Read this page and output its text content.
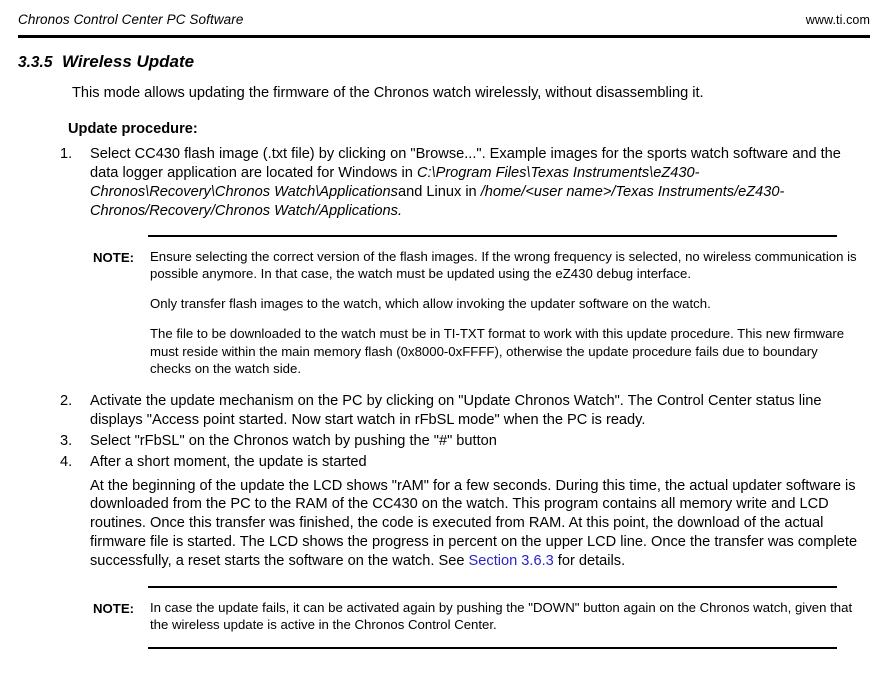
Chronos Control Center PC Software	www.ti.com
3.3.5 Wireless Update

This mode allows updating the firmware of the Chronos watch wirelessly, without disassembling it.

Update procedure:
1.	Select CC430 flash image (.txt file) by clicking on "Browse...". Example images for the sports watch software and the data logger application are located for Windows in C:\Program Files\Texas Instruments\eZ430-Chronos\Recovery\Chronos Watch\Applicationsand Linux in /home/<user name>/Texas Instruments/eZ430-Chronos/Recovery/Chronos Watch/Applications.
NOTE:	Ensure selecting the correct version of the flash images. If the wrong frequency is selected, no wireless communication is possible anymore. In that case, the watch must be updated using the eZ430 debug interface.

Only transfer flash images to the watch, which allow invoking the updater software on the watch.

The file to be downloaded to the watch must be in TI-TXT format to work with this update procedure. This new firmware must reside within the main memory flash (0x8000-0xFFFF), otherwise the update procedure fails due to boundary checks on the watch side.

2.	Activate the update mechanism on the PC by clicking on "Update Chronos Watch". The Control Center status line displays "Access point started. Now start watch in rFbSL mode" when the PC is ready.
3.	Select "rFbSL" on the Chronos watch by pushing the "#" button
4.	After a short moment, the update is started

At the beginning of the update the LCD shows "rAM" for a few seconds. During this time, the actual updater software is downloaded from the PC to the RAM of the CC430 on the watch. This program contains all memory write and LCD routines. Once this transfer was finished, the code is executed from RAM. At this point, the download of the actual firmware file is started. The LCD shows the progress in percent on the upper LCD line. Once the transfer was complete successfully, a reset starts the software on the watch. See Section 3.6.3 for details.

NOTE:	In case the update fails, it can be activated again by pushing the "DOWN" button again on the Chronos watch, given that the wireless update is active in the Chronos Control Center.
